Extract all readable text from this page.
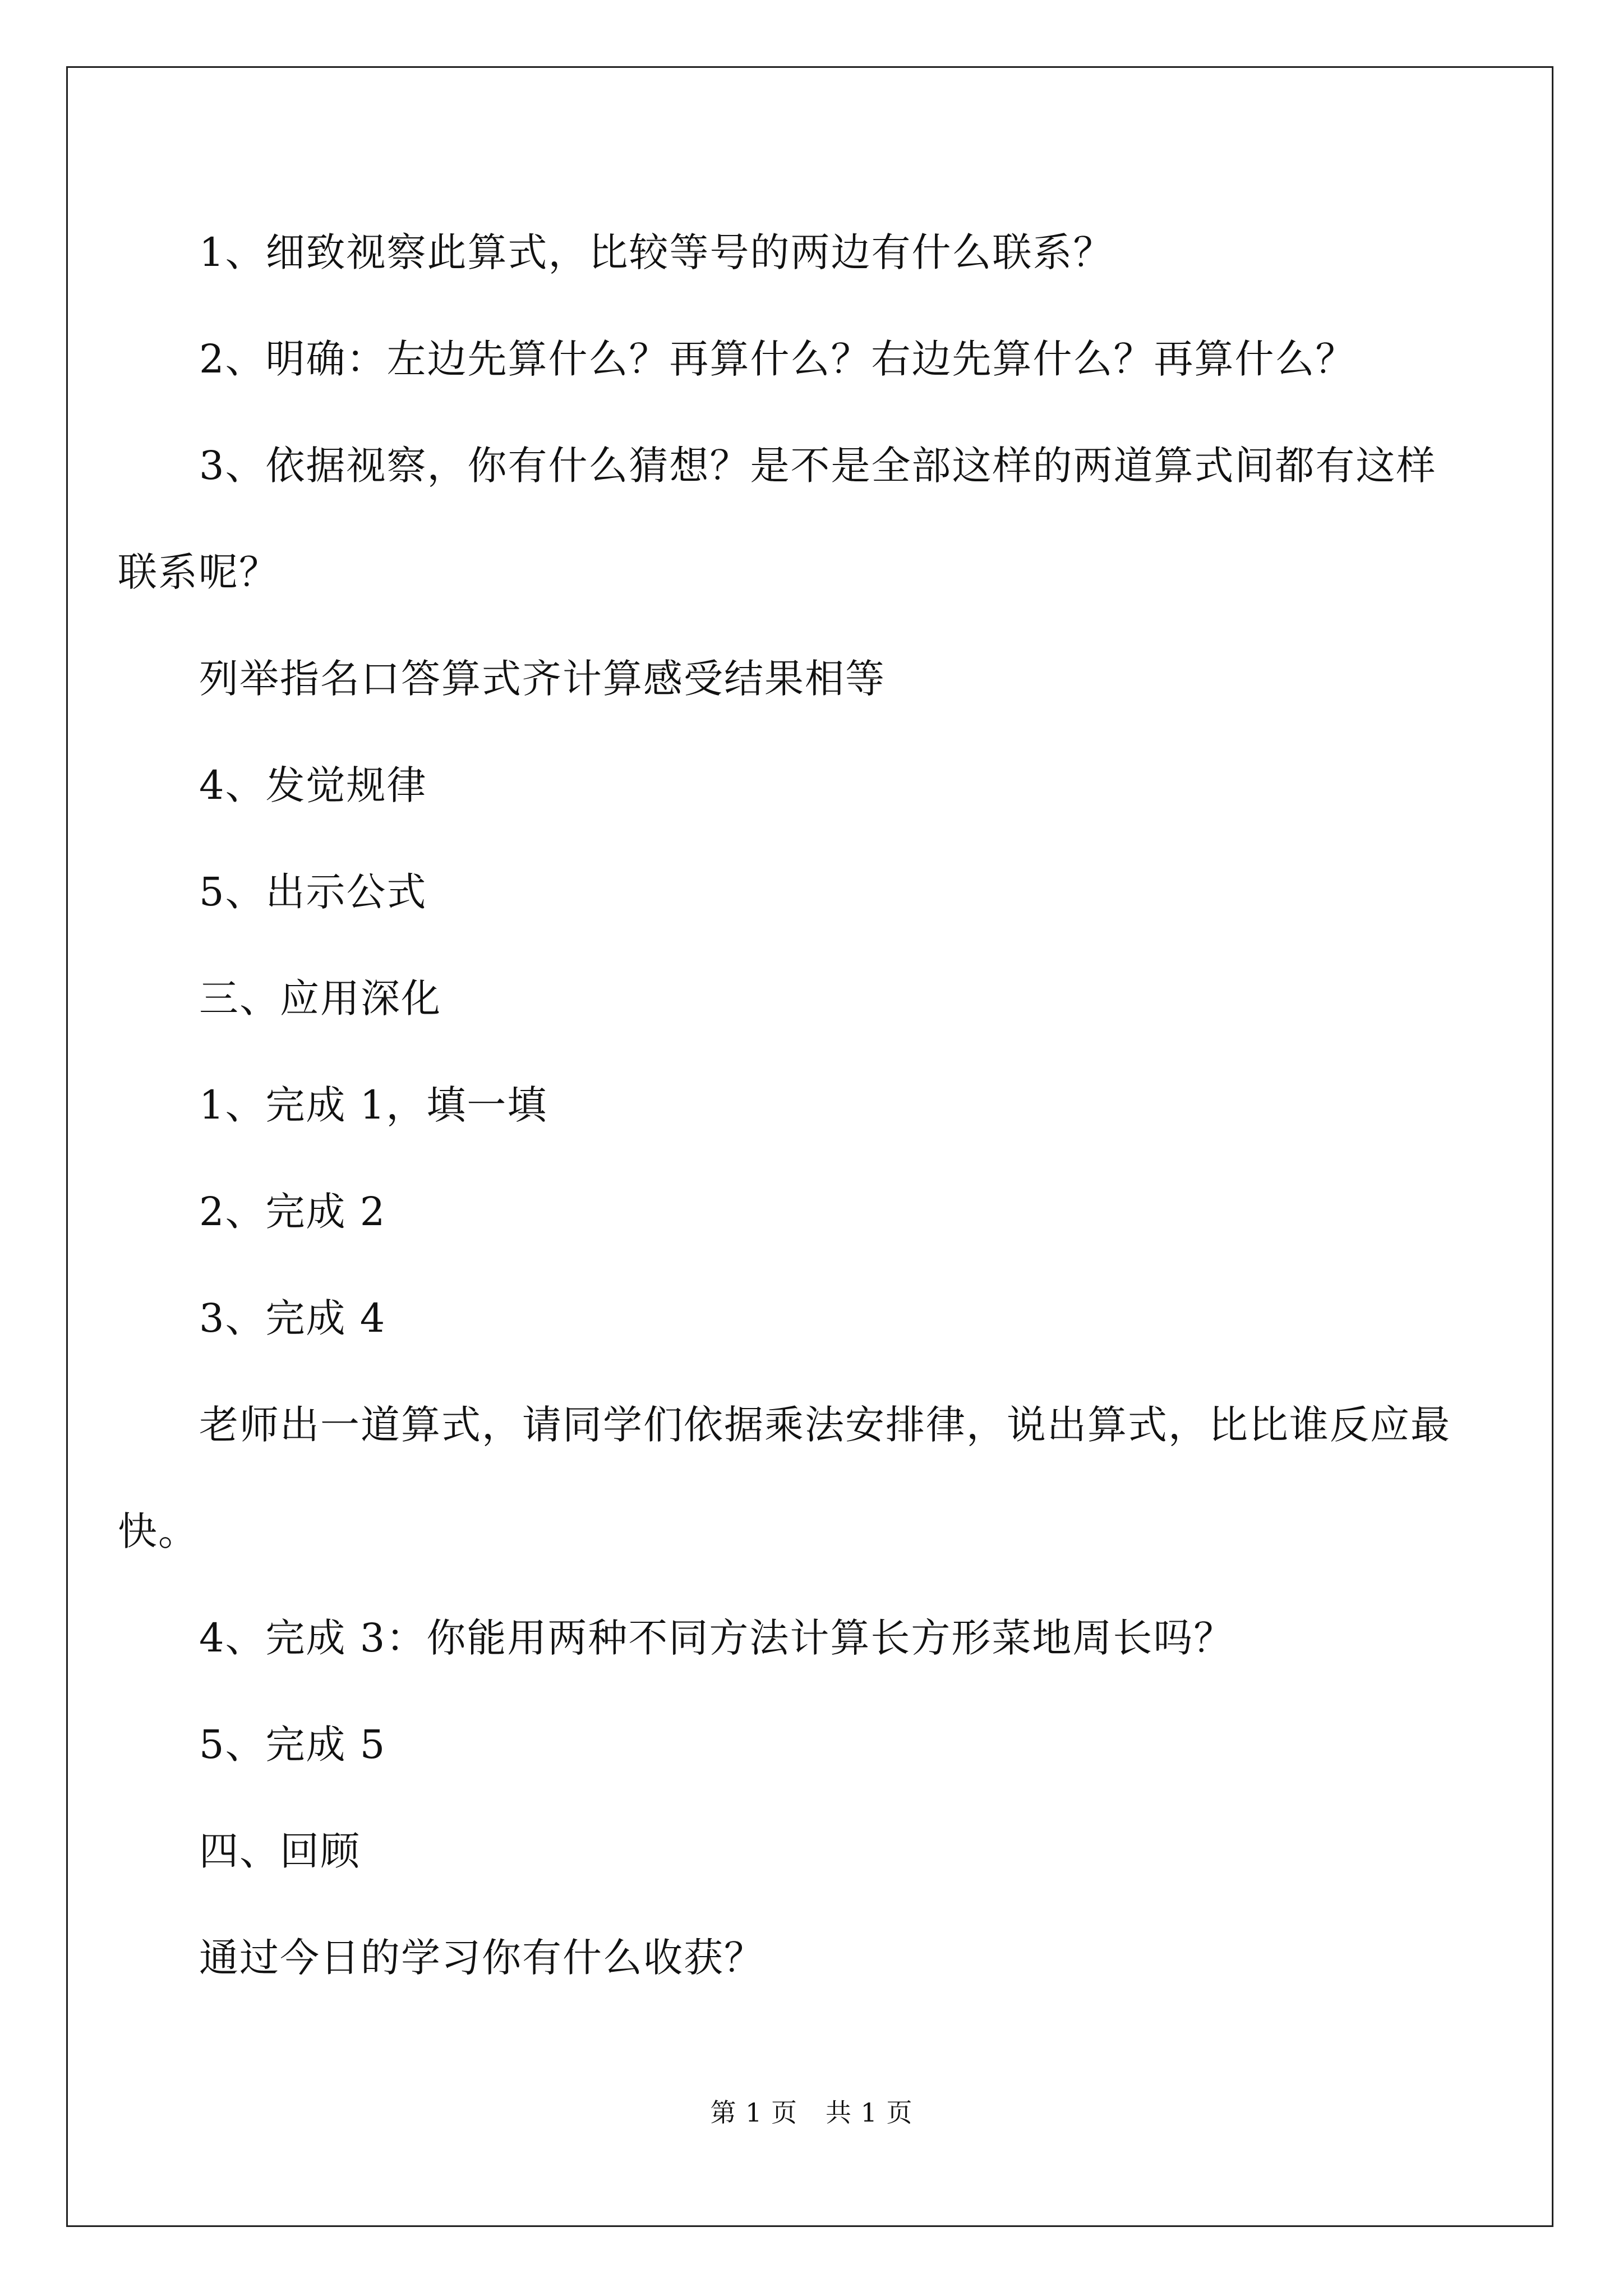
1、细致视察此算式，比较等号的两边有什么联系？
2、明确：左边先算什么？再算什么？右边先算什么？再算什么？
3、依据视察，你有什么猜想？是不是全部这样的两道算式间都有这样联系呢？
列举指名口答算式齐计算感受结果相等
4、发觉规律
5、出示公式
三、应用深化
1、完成 1，填一填
2、完成 2
3、完成 4
老师出一道算式，请同学们依据乘法安排律，说出算式，比比谁反应最快。
4、完成 3：你能用两种不同方法计算长方形菜地周长吗？
5、完成 5
四、回顾
通过今日的学习你有什么收获？
第 1 页 共 1 页
